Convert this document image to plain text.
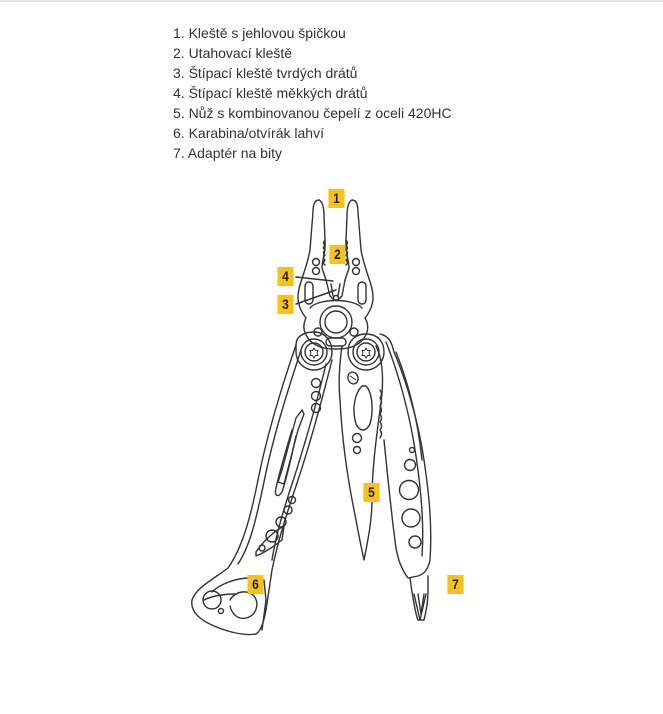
1. Kleště s jehlovou špičkou
2. Utahovací kleště
3. Štípací kleště tvrdých drátů
4. Štípací kleště měkkých drátů
5. Nůž s kombinovanou čepelí z oceli 420HC
6. Karabina/otvírák lahví
7. Adaptér na bity
1
2
4
3
5
6	7
